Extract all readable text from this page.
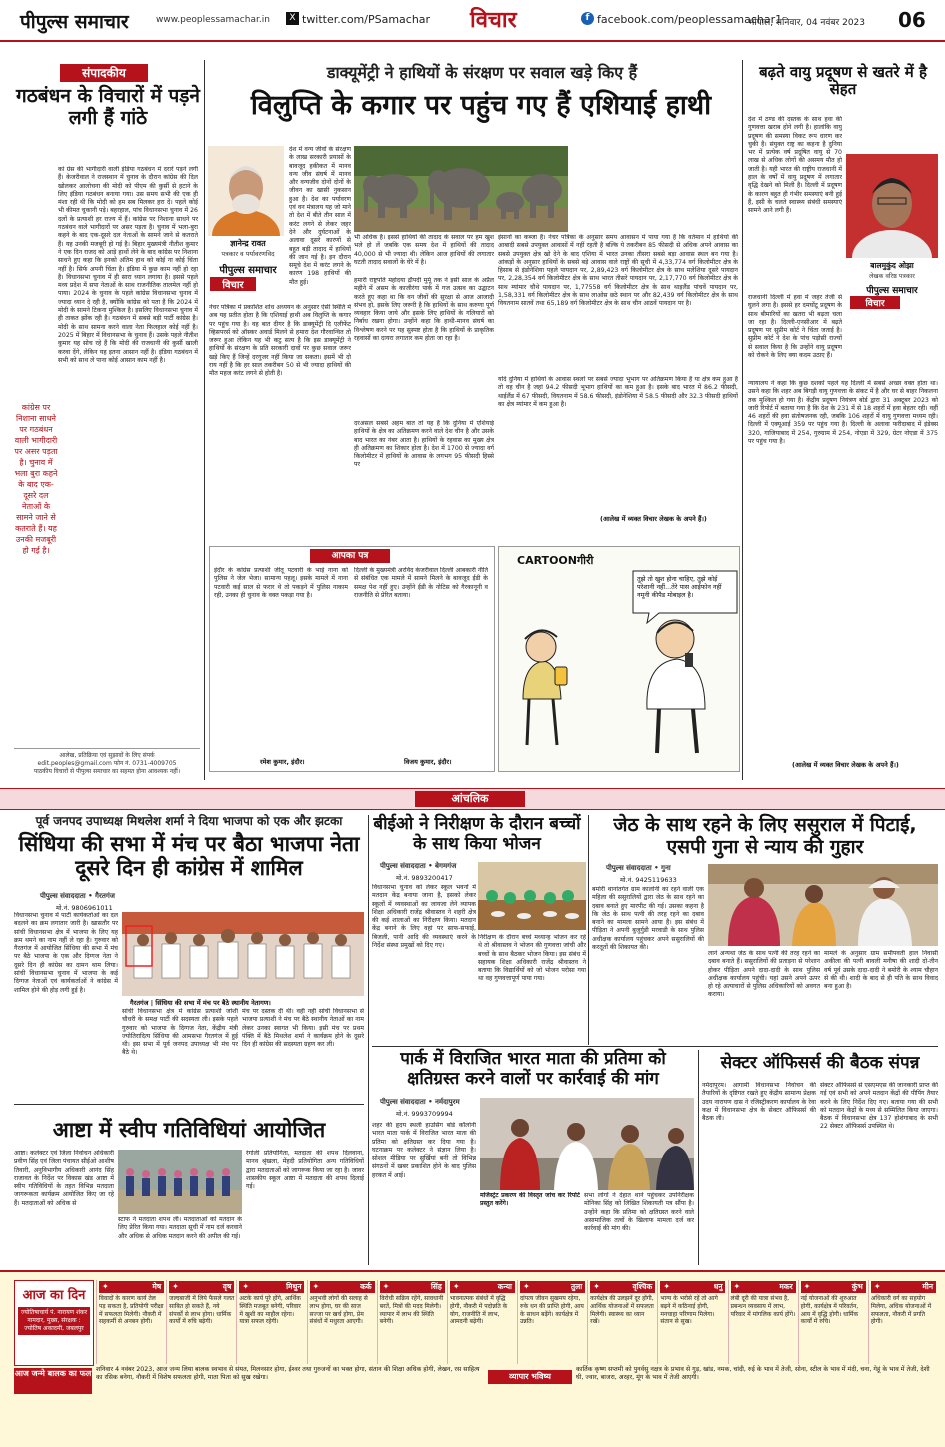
पीपुल्स समाचार	www.peoplessamachar.in	X twitter.com/PSamachar विचार	f facebook.com/peoplessamachar1
भोपाल, शनिवार, 04 नवंबर 2023 06
संपादकीय
गठबंधन के विचारों में पड़ने लगी हैं गांठे
कां ग्रेस की भागीदारी वाली इंडिया गठबंधन में दरारें पड़ने लगी हैं। केजरीवाल ने राजस्थान में चुनाव के दौरान कांग्रेस की दिल खोलकर आलोचना की मोदी को पीएम की कुर्सी से हटाने के लिए इंडिया गठबंधन बनाया गया। उस समय सभी की एक ही मंशा रही थी कि मोदी को हम सब मिलकर हरा दें। पहले कोई भी कीमत चुकानी पड़े। बहरहाल, पांच विधानसभा चुनाव में 26 दलों के प्रत्याशी हर राज्य में हैं। कांग्रेस पर निशाना साधने पर गठबंधन वाले भागीदारों पर असर पड़ता है। चुनाव में भला-बुरा कहने के बाद एक-दूसरे दल नेताओं के सामने जाने से कतराते हैं। यह उनकी मजबूरी हो गई है। बिहार मुख्यमंत्री नीतीश कुमार ने एक दिन राजद को आड़े हाथों लेने के बाद कांग्रेस पर निशाना साधने हुए कहा कि इनको अंतिम हाथ को कोई ना कोई चिंता नहीं है। सिर्फ अपनी चिंता है। इंडिया में कुछ काम नहीं हो रहा है। विधानसभा चुनाव में ही सारा ध्यान लगाया है। इससे पहले मध्य प्रदेश में सपा नेताओं के साथ राजनीतिक तालमेल नहीं हो पाया। 2024 के चुनाव के पहले कांग्रेस विधानसभा चुनाव में ज्यादा ध्यान दे रही है, क्योंकि कांग्रेस को पता है कि 2024 में मोदी के सामने टिकना मुश्किल है। इसलिए विधानसभा चुनाव में ही ताकत झोंक रही है। गठबंधन में सबसे बड़ी पार्टी कांग्रेस है। मोदी के साथ सामना करने वाला नेता फिलहाल कोई नहीं है। 2025 में बिहार में विधानसभा के चुनाव हैं। उसके पहले नीतीश कुमार यह सोच रहे हैं कि मोदी की राजधानी की कुर्सी खाली करवा देंगे, लेकिन यह इतना आसान नहीं है। इंडिया गठबंधन में सभी को साथ ले पाना कोई आसान काम नहीं है।
कांग्रेस पर निशाना साधने पर गठबंधन वाली भागीदारी पर असर पड़ता है। चुनाव में भला बुरा कहने के बाद एक-दूसरे दल नेताओं के सामने जाने से कतराते हैं। यह उनकी मजबूरी हो गई है।
आलेख, प्रतिक्रिया एवं सुझावों के लिए संपर्क
edit.peoples@gmail.com फोन नं. 0731-4009705
पाठकीय विचारों से पीपुल्स समाचार का सहमत होना आवश्यक नहीं।
डाक्यूमेंट्री ने हाथियों के संरक्षण पर सवाल खड़े किए हैं
विलुप्ति के कगार पर पहुंच गए हैं एशियाई हाथी
ज्ञानेन्द्र रावत
पत्रकार व पर्यावरणविद
पीपुल्स समाचार
विचार
देश में वन्य जीवों के संरक्षण के लाख सरकारी प्रयासों के बावजूद हकीकत में मानव वन्य जीव संघर्ष में मानव और वन्यजीव दोनों दोनों के जीवन का खासी नुकसान हुआ है। देश का पर्यावरण एवं वन मंत्रालय यह जो माने तो देश में बीते तीन साल में करंट लगने से लेकर जहर देने और दुर्घटनाओं के अलावा दूसरे कारणों से बहुत बड़ी तादाद में हाथियों की जान गई है। इन दौरान समूचे देश में करंट लगने के कारण 198 हाथियों की मौत हुई।
नेचर पत्रिका में प्रकाशित शोध अध्ययन के अनुसार ऐसी स्थिति में अब यह प्रतीत होता है कि एशियाई हाथी अब विलुप्ति के कगार पर पहुंच गया है। वह बात दीगर है कि डाक्यूमेंट्री दि एलीफेंट व्हिसपरर्स को ऑस्कर अवार्ड मिलने से हमारा देश गौरवान्वित तो जरूर हुआ लेकिन यह भी कटु सत्य है कि इस डाक्यूमेंट्री ने हाथियों के संरक्षण के प्रति सरकारी दावों पर कुछ सवाल जरूर खड़े किए हैं जिन्हें दरगुजर नहीं किया जा सकता। इसमें भी दो राय नहीं है कि हर साल तकरीबन 50 से भी ज्यादा हाथियों की मौत महज करंट लगने से होती है।
भी अधिक है। इससे हाथियों की तादाद के सवाल पर हम खुश भले हो लें जबकि एक समय देश में हाथियों की तादाद 40,000 से भी ज्यादा थी। लेकिन आज हाथियों की लगातार घटती तादाद सवालों के घेरे में है।
हमारी राष्ट्रपति महोदया द्रौपदी मुर्मू तक ने इसी साल के अप्रैल महीने में असम के काजीरंगा पार्क में गज उत्सव का उद्घाटन करते हुए कहा था कि वन जीवों की सुरक्षा से आज आजादी संभव हो, इसके लिए जरूरी है कि हाथियों के साथ करुणा पूर्ण व्यवहार किया जाये और इसके लिए हाथियों के गलियारों को निर्बाध रखना होगा। उन्होंने कहा कि हाथी-मानव संघर्ष का विश्लेषण करने पर यह सुस्पष्ट होता है कि हाथियों के प्राकृतिक रहवासों का दायरा लगातार कम होता जा रहा है।
दरअसल सबसे अहम बात तो यह है कि दुनिया में एशियाई हाथियों के क्षेत्र का अतिक्रमण करने वाले देश चीन है और उसके बाद भारत का नंबर आता है। हाथियों के रहवास का मुख्य क्षेत्र ही अतिक्रमण का शिकार होता है। देश में 1700 से ज्यादा वर्ग किलोमीटर में हाथियों के आवास के लगभग 95 फीसदी हिस्से पर
इंसानों का कब्जा है। नेचर पत्रिका के अनुसार समय आवासन में पाया गया है कि वर्तमान में हाथियों की आबादी सबसे उपयुक्त आवासों में नहीं रहती है बल्कि ये तकरीबन 85 फीसदी से अधिक अपने आवास का सबसे उपयुक्त क्षेत्र खो देने के बाद एशिया में भारत उनका तीसरा सबसे बड़ा आवास स्थल बन गया है। आंकड़ों के अनुसार हाथियों के सबसे बड़े आवास वाले राष्ट्रों की सूची में 4,33,774 वर्ग किलोमीटर क्षेत्र के हिसाब से इंडोनेशिया पहले पायदान पर, 2,89,423 वर्ग किलोमीटर क्षेत्र के साथ मलेशिया दूसरे पायदान पर, 2,28,354 वर्ग किलोमीटर क्षेत्र के साथ भारत तीसरे पायदान पर, 2,17,770 वर्ग किलोमीटर क्षेत्र के साथ म्यांमार चौथे पायदान पर, 1,77558 वर्ग किलोमीटर क्षेत्र के साथ थाइलैंड पांचवें पायदान पर, 1,58,331 वर्ग किलोमीटर क्षेत्र के साथ लाओस छठे स्थान पर और 82,439 वर्ग किलोमीटर क्षेत्र के साथ वियतनाम सातवें तथा 65,189 वर्ग किलोमीटर क्षेत्र के साथ चीन आठवें पायदान पर है।
यदि दुनिया में हाथियों के आवास स्थलों पर सबसे ज्यादा भूभाग पर अतिक्रमण किया है या क्षेत्र कम हुआ है तो वह चीन है जहां 94.2 फीसदी भूभाग हाथियों का कम हुआ है। इसके बाद भारत में 86.2 फीसदी, थाईलैंड में 67 फीसदी, वियतनाम में 58.6 फीसदी, इंडोनेशिया में 58.5 फीसदी और 32.3 फीसदी हाथियों का क्षेत्र म्यांमार में कम हुआ है।
(आलेख में व्यक्त विचार लेखक के अपने हैं।)
आपका पत्र
इंदौर के कांग्रेस प्रत्याशी जीतू पटवारी के भाई नाना को पुलिस ने जेल भेजा। सामान्य पहलू। इसके मामले में नाना पटवारी कई साल से फरार थे तो पकड़ने में पुलिस नाकाम रही, उनका ही चुनाव के वक्त पकड़ा गया है।
रमेश कुमार, इंदौर।
दिल्ली के मुख्यमंत्री अरविंद केजरीवाल दिल्ली आबकारी नीति से संबंधित एक मामले में सामने मिलने के बावजूद ईडी के समक्ष पेश नहीं हुए। उन्होंने ईडी के नोटिस को गैरकानूनी व राजनीति से प्रेरित बताया।
विजय कुमार, इंदौर।
CARTOONगीरी
तुझे तो खुश होना चाहिए, तुझे कोई परेशानी नहीं...तेरे पास आईफोन नहीं नमूनी कीपैड मोबाइल है।
बढ़ते वायु प्रदूषण से खतरे में है सेहत
देश में ठण्ड की दस्तक के साथ हवा की गुणवत्ता खराब होने लगी है। हालांकि वायु प्रदूषण की समस्या विकट रूप धारण कर चुकी है। संयुक्त राष्ट्र का कहना है दुनिया भर में प्रत्येक वर्ष प्रदूषित वायु से 70 लाख से अधिक लोगों की असमय मौत हो जाती है। यही भारत की राष्ट्रीय राजधानी में हाल के वर्षों में वायु प्रदूषण में लगातार वृद्धि देखने को मिली है। दिल्ली में प्रदूषण के कारण बहुत ही गंभीर समस्याएं बनी हुई हैं, इसी के चलते स्वास्थ्य संबंधी समस्याएं सामने आने लगी हैं।
बालमुकुंद ओझा
लेखक वरिष्ठ पत्रकार
पीपुल्स समाचार
विचार
राजधानी दिल्ली में हवा में जहर तेजी से घुलने लगा है। इससे हर दमघोंटू प्रदूषण के साथ बीमारियों का खतरा भी बढ़ता चला जा रहा है। दिल्ली-एनसीआर में बढ़ते प्रदूषण पर सुप्रीम कोर्ट ने चिंता जताई है। सुप्रीम कोर्ट ने देश के पांच पड़ोसी राज्यों से सवाल किया है कि उन्होंने वायु प्रदूषण को रोकने के लिए क्या कदम उठाए हैं।
न्यायालय ने कहा कि कुछ दशकों पहले यह दिल्ली में सबसे अच्छा वक्त होता था। उसने कहा कि शहर अब बिगड़ी वायु गुणवत्ता के संकट में है और घर से बाहर निकलना तक मुश्किल हो गया है। केंद्रीय प्रदूषण नियंत्रण बोर्ड द्वारा 31 अक्टूबर 2023 को जारी रिपोर्ट में बताया गया है कि देश के 231 में से 18 शहरों में हवा बेहतर रही। वहीं 46 शहरों की हवा संतोषजनक रही, जबकि 106 शहरों में वायु गुणवत्ता मध्यम रही। दिल्ली में एक्यूआई 359 पर पहुंच गया है। दिल्ली के अलावा फरीदाबाद में इंडेक्स 320, गाजियाबाद में 254, गुरुग्राम में 254, नोएडा में 329, ग्रेटर नोएडा में 375 पर पहुंच गया है।
(आलेख में व्यक्त विचार लेखक के अपने हैं।)
आंचलिक
पूर्व जनपद उपाध्यक्ष मिथलेश शर्मा ने दिया भाजपा को एक और झटका
सिंधिया की सभा में मंच पर बैठा भाजपा नेता दूसरे दिन ही कांग्रेस में शामिल
पीपुल्स संवाददाता • गैरतगंज
मो.नं. 9806961011
विधानसभा चुनाव में पार्टी कार्यकर्ताओं का दल बदलने का क्रम लगातार जारी है। खासतौर पर सांची विधानसभा क्षेत्र में भाजपा के लिए यह क्रम थमने का नाम नहीं ले रहा है। गुरुवार को गैरतगंज में आयोजित सिंधिया की सभा में मंच पर बैठे भाजपा के एक और दिग्गज नेता ने दूसरे दिन ही कांग्रेस का दामन थाम लिया। सांची विधानसभा चुनाव में भाजपा के कई दिग्गज नेताओं एवं कार्यकर्ताओं ने कांग्रेस में शामिल होने की होड़ लगी हुई है।
गैरतगंज | सिंधिया की सभा में मंच पर बैठे स्थानीय नेतागण।
सांची विधानसभा क्षेत्र में कांग्रेस प्रत्याशी जोशी चौधरी के समक्ष पार्टी की सदस्यता ली। इसके पहले गुरुवार को भाजपा के दिग्गज नेता, केंद्रीय मंत्री ज्योतिरादित्य सिंधिया की आमसभा गैरतगंज में हुई थी। इस सभा में पूर्व जनपद उपाध्यक्ष भी मंच पर बैठे थे।
मंच पर दस्तक दी थी। वहीं नहीं सांची विधानसभा से भाजपा प्रत्याशी ने मंच पर बैठे स्थानीय नेताओं का नाम लेकर उनका स्वागत भी किया। इसी मंच पर प्रथम पंक्ति में बैठे मिथलेश शर्मा ने कार्यक्रम होने के दूसरे दिन ही कांग्रेस की सदस्यता ग्रहण कर ली।
आष्टा में स्वीप गतिविधियां आयोजित
आष्टा। कलेक्टर एवं जिला निर्वाचन अधिकारी प्रवीण सिंह एवं जिला पंचायत सीईओ आशीष तिवारी, अनुविभागीय अधिकारी आनंद सिंह राजावत के निर्देश पर विकास खंड आष्टा में स्वीप गतिविधियों के तहत विभिन्न मतदाता जागरूकता कार्यक्रम आयोजित किए जा रहे हैं। मतदाताओं को अधिक से
स्टाफ ने मतदाता शपथ ली। मतदाताओं को मतदान के लिए प्रेरित किया गया। मतदाता सूची में नाम दर्ज करवाने और अधिक से अधिक मतदान करने की अपील की गई।
रंगोली प्रतियोगिता, मतदाता की शपथ दिलवाना, मानव श्रृंखला, मेंहदी प्रतियोगिता अन्य गतिविधियों द्वारा मतदाताओं को जागरूक किया जा रहा है। जावर शासकीय स्कूल आष्टा में मतदाता की शपथ दिलाई गई।
बीईओ ने निरीक्षण के दौरान बच्चों के साथ किया भोजन
पीपुल्स संवाददाता • बेगमगंज
मो.नं. 9893200417
विधानसभा चुनाव को लेकर स्कूल भवनों में मतदान केंद्र बनाया जाना है, इसको लेकर स्कूलों में व्यवस्थाओं का जायजा लेने व्यापक शिक्षा अधिकारी राजेंद्र श्रीवास्तव ने शहरी क्षेत्र की कई शालाओं का निरीक्षण किया। मतदान केंद्र बनाने के लिए वहां पर साफ-सफाई, बिजली, पानी आदि की व्यवस्थाएं करने के निर्देश संस्था प्रमुखों को दिए गए।
निरीक्षण के दौरान बच्चे मध्यान्ह भोजन कर रहे थे तो श्रीवास्तव ने भोजन की गुणवत्ता जांची और बच्चों के साथ बैठकर भोजन किया। इस संबंध में सहायक शिक्षा अधिकारी राजेंद्र श्रीवास्तव ने बताया कि विद्यार्थियों को जो भोजन परोसा गया था वह गुणवत्तापूर्ण पाया गया।
जेठ के साथ रहने के लिए ससुराल में पिटाई, एसपी गुना से न्याय की गुहार
पीपुल्स संवाददाता • गुना
मो.नं. 9425119633
बमोरी थानांतर्गत ग्राम कालोनी का रहने वाली एक महिला की ससुरालियों द्वारा जेठ के साथ रहने का दबाव बनाते हुए मारपीट की गई। उसका कहना है कि जेठ के साथ पत्नी की तरह रहने का दबाव बनाने का मामला सामने आया है। इस संबंध में पीड़िता ने अपनी बुजुर्गुडी मरवाडी के साथ पुलिस अधीक्षक कार्यालय पहुंचकर अपने ससुरालियों की करतूतों की शिकायत की।
लाने अन्यथा जेठ के साथ पत्नी की तरह रहने का दबाव बनाते हैं। ससुरालियों की प्रताड़ना से परेशान होकर पीड़िता अपने दादा-दादी के साथ पुलिस अधीक्षक कार्यालय पहुंची। यहां उसने अपने ऊपर हो रहे अत्याचारों से पुलिस अधिकारियों को अवगत कराया।
मामले के अनुसार ग्राम समीपवर्ती हाल निवासी अकीला की पत्नी बावली मनीषा की शादी दो-तीन वर्ष पूर्व उसके दादा-दादी ने बमोरी के श्याम चौहान से की थी। शादी के बाद से ही पति के साथ विवाद बना हुआ है।
पार्क में विराजित भारत माता की प्रतिमा को क्षतिग्रस्त करने वालों पर कार्रवाई की मांग
पीपुल्स संवाददाता • नर्मदापुरम
मो.नं. 9993709994
शहर की हृदय स्थली हाउसिंग बोर्ड कॉलोनी भारत माता पार्क में विराजित भारत माता की प्रतिमा को क्षतिग्रस्त कर दिया गया है। घटनाक्रम पर कलेक्टर ने संज्ञान लिया है। सोशल मीडिया पर सुर्खियां बनी तो विभिन्न संगठनों में खबर प्रकाशित होने के बाद पुलिस हरकत में आई।
मजिस्ट्रेट प्रकरण की विस्तृत जांच कर रिपोर्ट प्रस्तुत करेंगे।
सभा लोगों ने देहात थाने पहुंचकर उपनिरीक्षक मोनिका सिंह को लिखित शिकायती पत्र सौंपा है। उन्होंने कहा कि प्रतिमा को क्षतिग्रस्त करने वाले असामाजिक तत्वों के खिलाफ मामला दर्ज कर कार्रवाई की मांग की।
सेक्टर ऑफिसर्स की बैठक संपन्न
नर्मदापुरम। आगामी विधानसभा निर्वाचन की तैयारियों के दृष्टिगत रखते हुए केंद्रीय सामान्य प्रेक्षक उदय नारायण दास ने रजिस्ट्रीकरण कार्यालय के रेवा कक्ष में विधानसभा क्षेत्र के सेक्टर ऑफिसर्स की बैठक ली।
सेक्टर ऑफिसर्स से एसएमएस की जानकारी प्राप्त की गई एवं सभी को अपने मतदान केंद्रों की पीपिंग तैयार करने के लिए निर्देश दिए गए। बताया गया की सभी को मतदान केंद्रों के मध्य से सम्मिलित किया जाएगा। बैठक में विधानसभा क्षेत्र 137 होशंगाबाद के सभी 22 सेक्टर ऑफिसर्स उपस्थित थे।
आज का दिन
ज्योतिषाचार्य पं. नारायण शंकर नामदार, मुख्य, संरक्षक : ज्योतिष अकादमी, जबलपुर
आज जन्मे बालक का फल शनिवार 4 नवंबर 2023, आज जन्म लिया बालक स्वभाव से संयत, मिलनसार होगा, ईश्वर तथा गुरुजनों का भक्त होगा, संतान की शिक्षा अधिक होगी, लेखन, रस साहित्य का रसिक बनेगा, नौकरी में विशेष सफलता होगी, माता पिता को सुख रखेगा।	व्यापार भविष्य
कार्तिक कृष्ण सप्तमी को पुनर्वसु नक्षत्र के प्रभाव से गुड़, खांड, नमक, चांदी, रुई के भाव में तेजी, सोना, स्टील के भाव में मंदी, चना, गेहूं के भाव में तेजी, देशी घी, ज्वार, बाजरा, अरहर, मूंग के भाव में तेजी आएगी।
✦	मेष
विवादों के कारण कार्य तेल पड़ सकता है, प्रतियोगी परीक्षा में सफलता मिलेगी। नौकरी में सहकर्मी से अनबन होगी।
✦	वृष
जल्दबाजी में लिये फैसले गलत साबित हो सकते हैं, नये संपर्कों से लाभ होगा। धार्मिक कार्यों में रुचि बढ़ेगी।
✦	मिथुन
अटके कार्य पूरे होंगे, आर्थिक स्थिति मजबूत बनेगी, परिवार में खुशी का माहौल रहेगा। यात्रा सफल रहेगी।
✦	कर्क
अनुभवी लोगों की सलाह से लाभ होगा, घर की साज सज्जा पर खर्च होगा, प्रेम संबंधों में मधुरता आएगी।
✦	सिंह
विरोधी सक्रिय रहेंगे, सावधानी बरतें, मित्रों की मदद मिलेगी। व्यापार में लाभ की स्थिति बनेगी।
✦	कन्या
भावनात्मक संबंधों में वृद्धि होगी, नौकरी में पदोन्नति के योग, राजनीति में लाभ, आमदनी बढ़ेगी।
✦	तुला
दांपत्य जीवन सुखमय रहेगा, रुके धन की प्राप्ति होगी, आय के साधन बढ़ेंगे। कार्यक्षेत्र में उन्नति।
✦	वृश्चिक
कार्यक्षेत्र की उलझनें दूर होंगी, आर्थिक योजनाओं में सफलता मिलेगी। स्वास्थ्य का ध्यान रखें।
✦	धनु
भाग्य के भरोसे रहें तो आगे बढ़ने में कठिनाई होगी, मनचाहा परिणाम मिलेगा। संतान से सुख।
✦	मकर
लंबी दूरी की यात्रा संभव है, प्रबन्धन व्यवसाय में लाभ, परिवार में मांगलिक कार्य होंगे।
✦	कुंभ
नई योजनाओं की शुरुआत होगी, कार्यक्षेत्र में परिवर्तन, आय में वृद्धि होगी। धार्मिक कार्यों में रुचि।
✦	मीन
अधिकारी वर्ग का सहयोग मिलेगा, अधिक योजनाओं में सफलता, नौकरी में प्रगति होगी।
